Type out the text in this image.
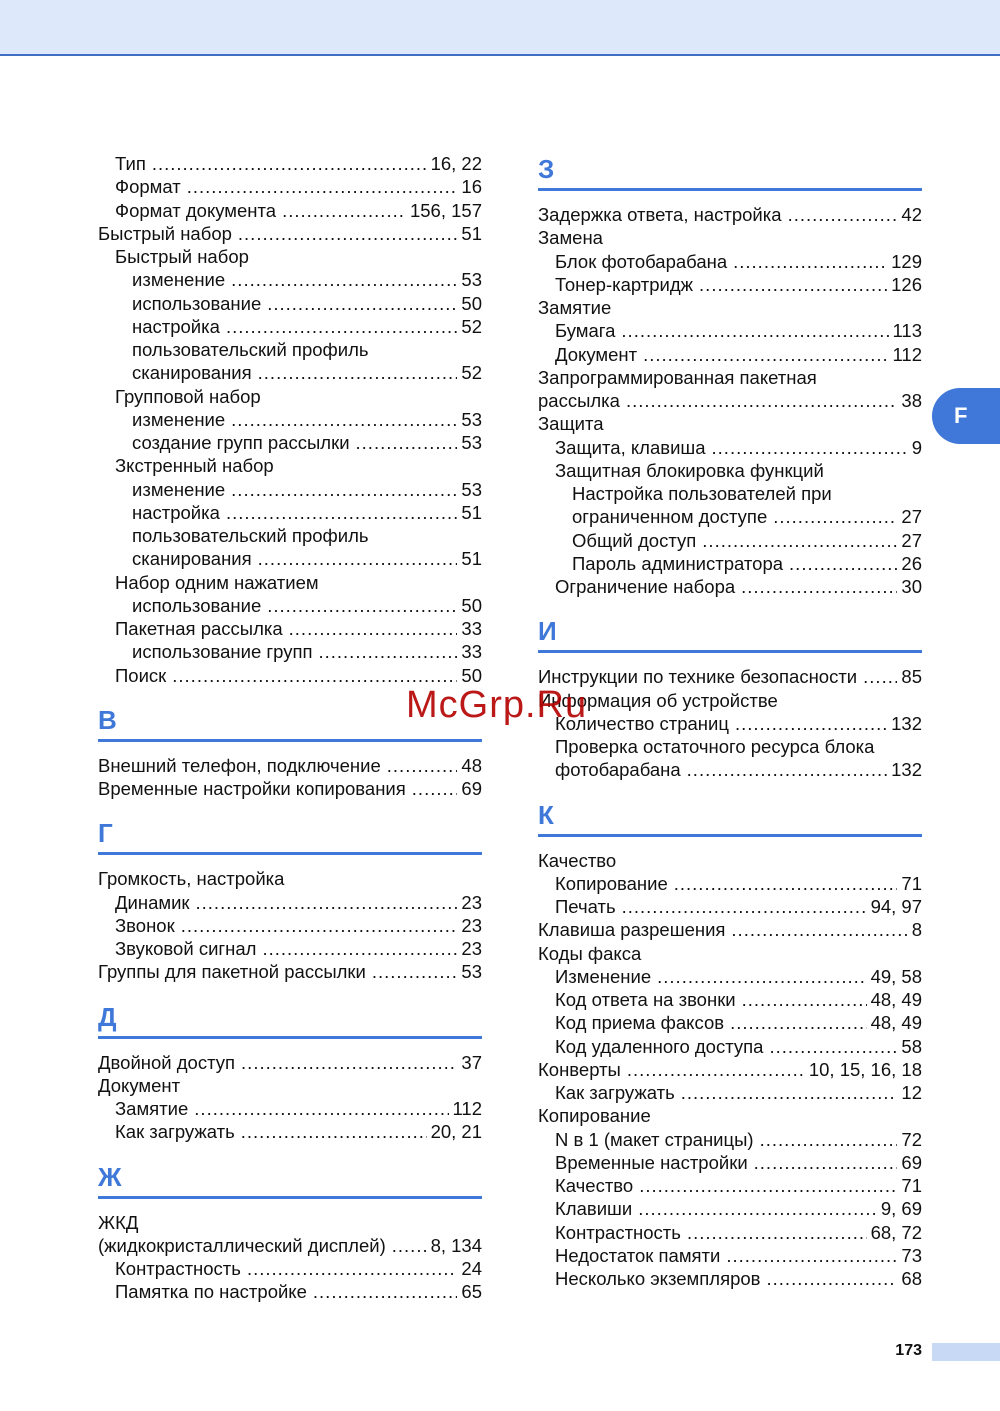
Тип .....	16, 22
Формат .....	16
Формат документа .....	156, 157
Быстрый набор .....	51
Быстрый набор
изменение .....	53
использование .....	50
настройка .....	52
пользовательский профиль
сканирования .....	52
Групповой набор
изменение .....	53
создание групп рассылки .....	53
Зкстренный набор
изменение .....	53
настройка .....	51
пользовательский профиль
сканирования .....	51
Набор одним нажатием
использование .....	50
Пакетная рассылка .....	33
использование групп .....	33
Поиск .....	50
В
Внешний телефон, подключение .....	48
Временные настройки копирования .....	69
Г
Громкость, настройка
Динамик .....	23
Звонок .....	23
Звуковой сигнал .....	23
Группы для пакетной рассылки .....	53
Д
Двойной доступ .....	37
Документ
Замятие .....	112
Как загружать .....	20, 21
Ж
ЖКД
(жидкокристаллический дисплей) ..... 8, 134
Контрастность .....	24
Памятка по настройке .....	65
З
Задержка ответа, настройка .....	42
Замена
Блок фотобарабана .....	129
Тонер-картридж .....	126
Замятие
Бумага .....	113
Документ .....	112
Запрограммированная пакетная
рассылка .....	38
Защита
Защита, клавиша .....	9
Защитная блокировка функций
Настройка пользователей при
ограниченном доступе .....	27
Общий доступ .....	27
Пароль администратора .....	26
Ограничение набора .....	30
И
Инструкции по технике безопасности ..... 85
Информация об устройстве
Количество страниц .....	132
Проверка остаточного ресурса блока
фотобарабана .....	132
К
Качество
Копирование .....	71
Печать .....	94, 97
Клавиша разрешения .....	8
Коды факса
Изменение .....	49, 58
Код ответа на звонки .....	48, 49
Код приема факсов .....	48, 49
Код удаленного доступа .....	58
Конверты .....	10, 15, 16, 18
Как загружать .....	12
Копирование
N в 1 (макет страницы) .....	72
Временные настройки .....	69
Качество .....	71
Клавиши .....	9, 69
Контрастность .....	68, 72
Недостаток памяти .....	73
Несколько экземпляров .....	68
F
McGrp.Ru
173
